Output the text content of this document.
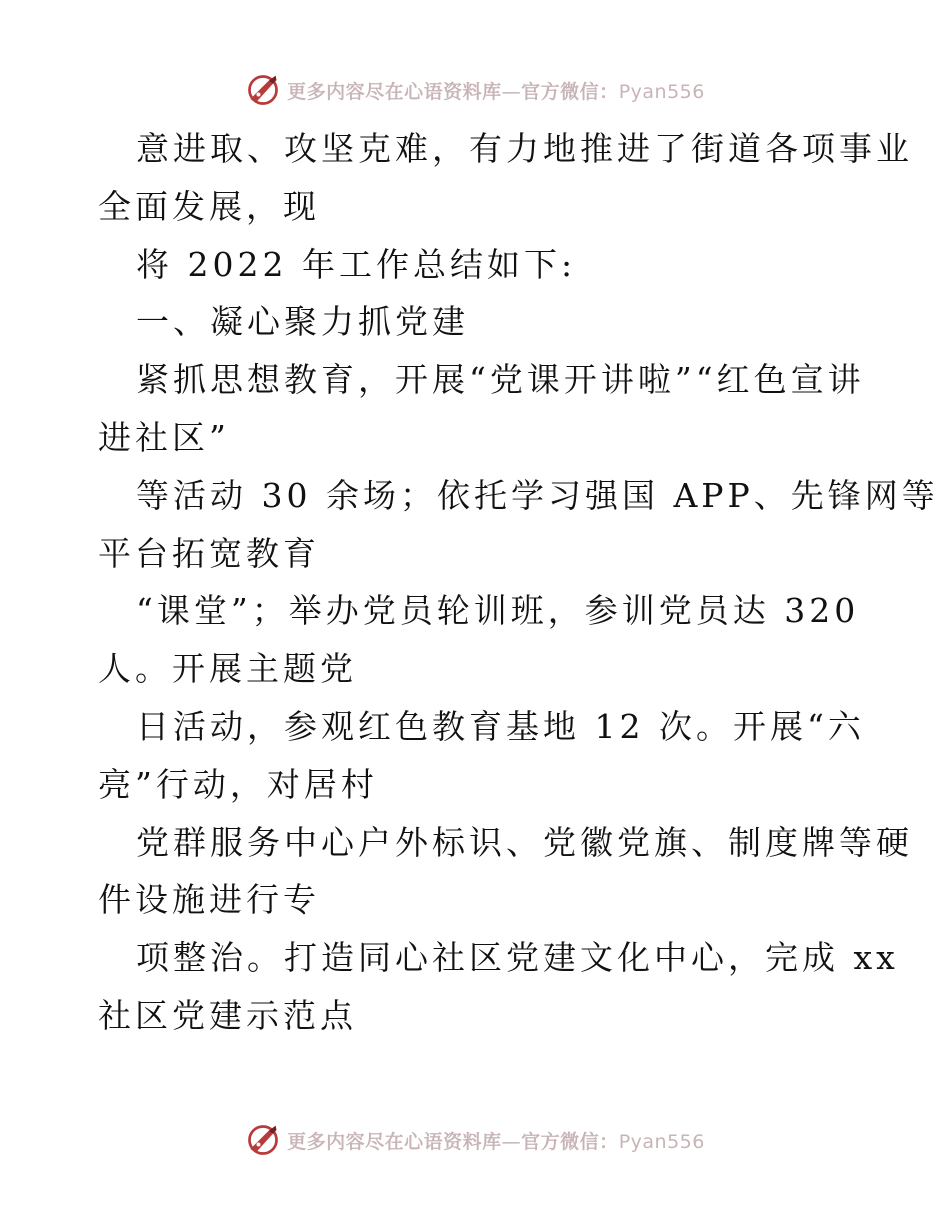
更多内容尽在心语资料库—官方微信：Pyan556
意进取、攻坚克难，有力地推进了街道各项事业
全面发展，现
将 2022 年工作总结如下:
一、凝心聚力抓党建
紧抓思想教育，开展“党课开讲啦”“红色宣讲
进社区”
等活动 30 余场；依托学习强国 APP、先锋网等
平台拓宽教育
“课堂”；举办党员轮训班，参训党员达 320
人。开展主题党
日活动，参观红色教育基地 12 次。开展“六
亮”行动，对居村
党群服务中心户外标识、党徽党旗、制度牌等硬
件设施进行专
项整治。打造同心社区党建文化中心，完成 xx
社区党建示范点
更多内容尽在心语资料库—官方微信：Pyan556
